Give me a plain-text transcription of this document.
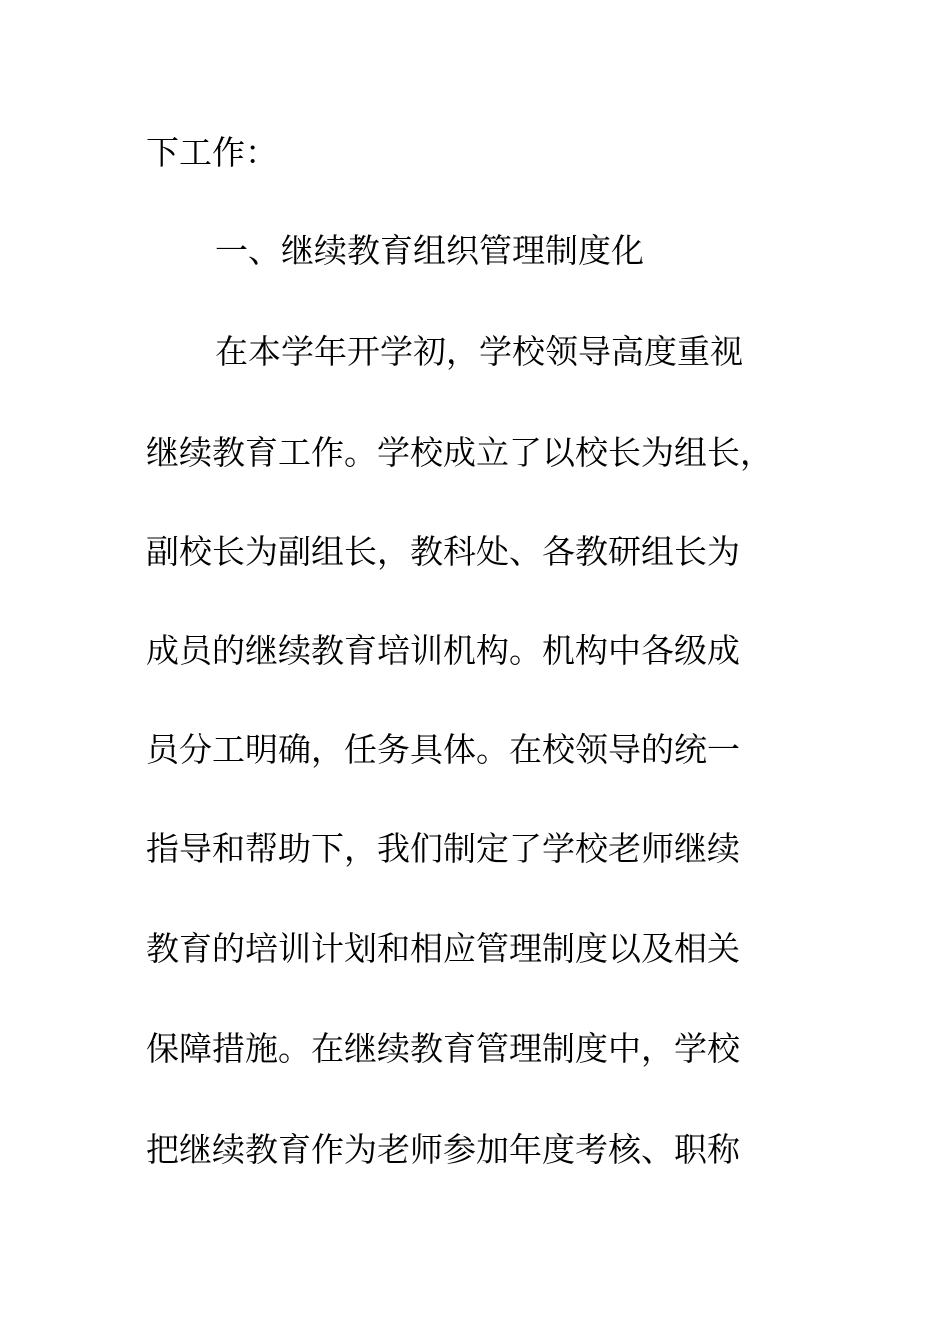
下工作：
一、继续教育组织管理制度化
在本学年开学初，学校领导高度重视
继续教育工作。学校成立了以校长为组长，
副校长为副组长，教科处、各教研组长为
成员的继续教育培训机构。机构中各级成
员分工明确，任务具体。在校领导的统一
指导和帮助下，我们制定了学校老师继续
教育的培训计划和相应管理制度以及相关
保障措施。在继续教育管理制度中，学校
把继续教育作为老师参加年度考核、职称
